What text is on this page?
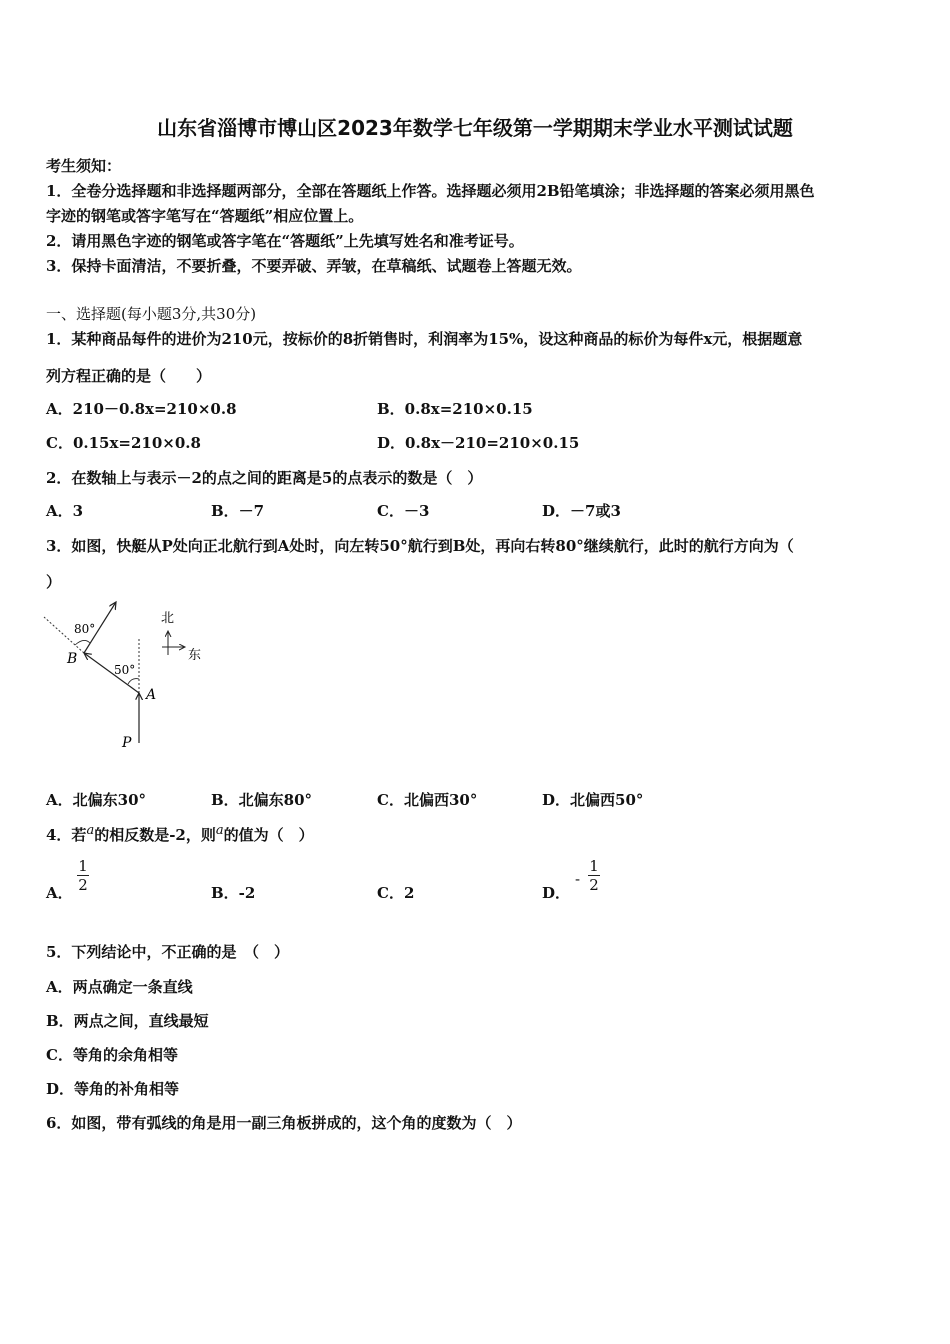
山东省淄博市博山区2023年数学七年级第一学期期末学业水平测试试题
考生须知：
1．全卷分选择题和非选择题两部分，全部在答题纸上作答。选择题必须用2B铅笔填涂；非选择题的答案必须用黑色
字迹的钢笔或答字笔写在“答题纸”相应位置上。
2．请用黑色字迹的钢笔或答字笔在“答题纸”上先填写姓名和准考证号。
3．保持卡面清洁，不要折叠，不要弄破、弄皱，在草稿纸、试题卷上答题无效。
一、选择题(每小题3分,共30分)
1．某种商品每件的进价为210元，按标价的8折销售时，利润率为15%，设这种商品的标价为每件x元，根据题意
列方程正确的是（　　）
A．210－0.8x=210×0.8	B．0.8x=210×0.15
C．0.15x=210×0.8	D．0.8x－210=210×0.15
2．在数轴上与表示－2的点之间的距离是5的点表示的数是（　）
A．3	B．－7	C．－3	D．－7或3
3．如图，快艇从P处向正北航行到A处时，向左转50°航行到B处，再向右转80°继续航行，此时的航行方向为（
）
80°
50°
B
A
P
北
东
A．北偏东30°	B．北偏东80°	C．北偏西30°	D．北偏西50°
4．若$^a$的相反数是-2，则$^a$的值为（　）
A．
1
2	B．-2	C．2	D．
-
1
2
5．下列结论中，不正确的是　（　）
A．两点确定一条直线
B．两点之间，直线最短
C．等角的余角相等
D．等角的补角相等
6．如图，带有弧线的角是用一副三角板拼成的，这个角的度数为（　）
